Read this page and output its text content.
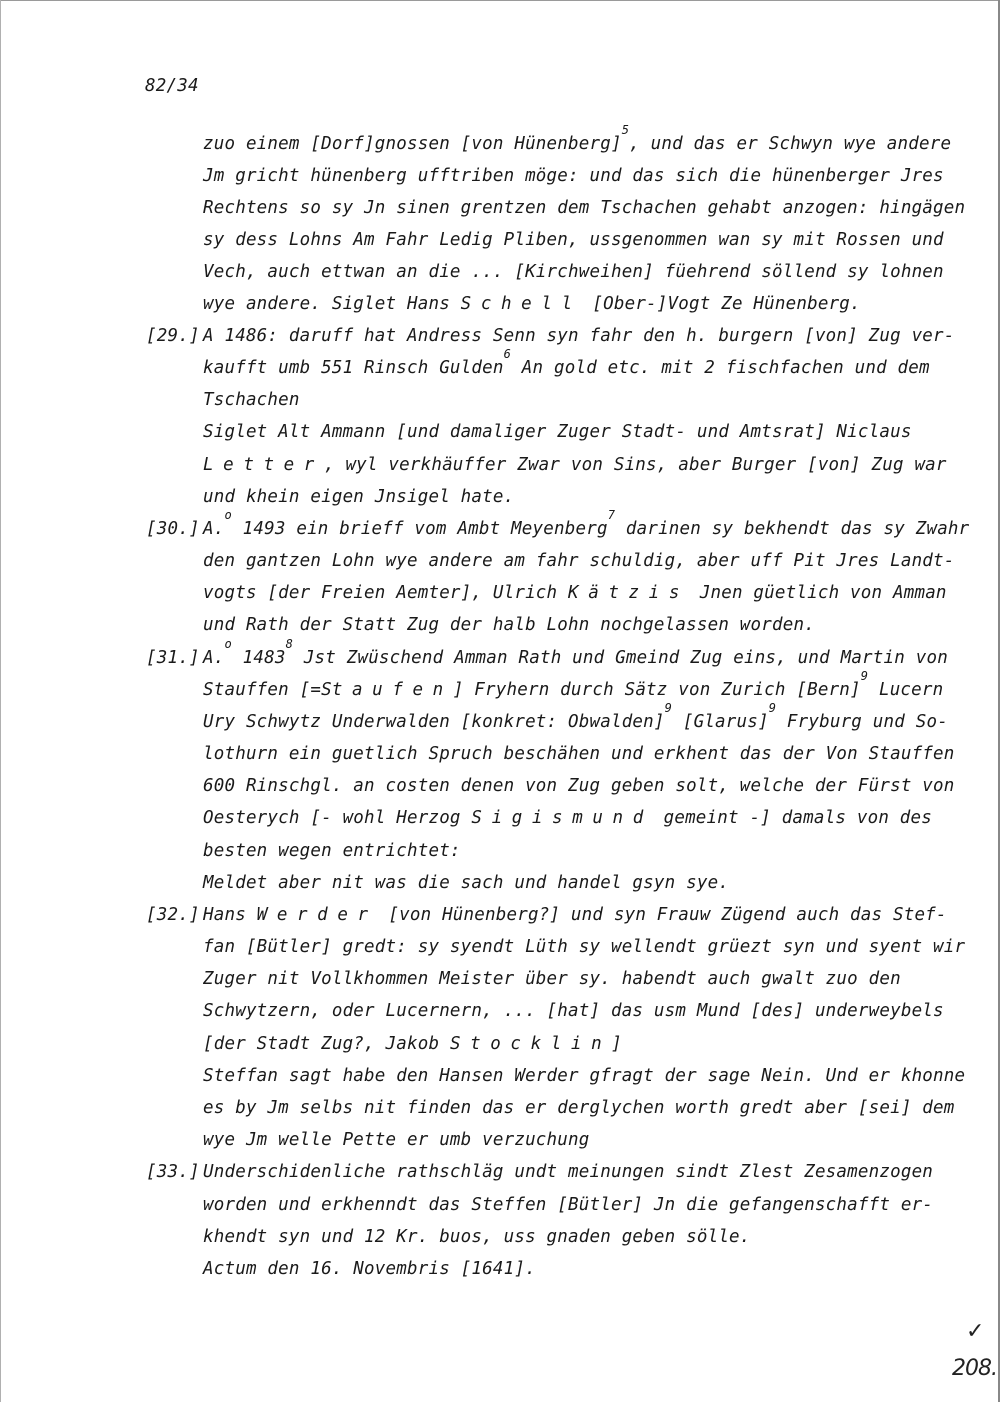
82/34
zuo einem [Dorf]gnossen [von Hünenberg]$^5$, und das er Schwyn wye andere
Jm gricht hünenberg ufftriben möge: und das sich die hünenberger Jres
Rechtens so sy Jn sinen grentzen dem Tschachen gehabt anzogen: hingägen
sy dess Lohns Am Fahr Ledig Pliben, ussgenommen wan sy mit Rossen und
Vech, auch ettwan an die ... [Kirchweihen] füehrend söllend sy lohnen
wye andere. Siglet Hans Schell [Ober-]Vogt Ze Hünenberg.
[29.] A 1486: daruff hat Andress Senn syn fahr den h. burgern [von] Zug ver-
kaufft umb 551 Rinsch Gulden$^6$ An gold etc. mit 2 fischfachen und dem
Tschachen
Siglet Alt Ammann [und damaliger Zuger Stadt- und Amtsrat] Niclaus
Letter, wyl verkhäuffer Zwar von Sins, aber Burger [von] Zug war
und khein eigen Jnsigel hate.
[30.] A.$^o$ 1493 ein brieff vom Ambt Meyenberg$^7$ darinen sy bekhendt das sy Zwahr
den gantzen Lohn wye andere am fahr schuldig, aber uff Pit Jres Landt-
vogts [der Freien Aemter], Ulrich Kätzis Jnen güetlich von Amman
und Rath der Statt Zug der halb Lohn nochgelassen worden.
[31.] A.$^o$ 1483$^8$ Jst Zwüschend Amman Rath und Gmeind Zug eins, und Martin von
Stauffen [=Staufen] Fryhern durch Sätz von Zurich [Bern]$^9$ Lucern
Ury Schwytz Underwalden [konkret: Obwalden]$^9$ [Glarus]$^9$ Fryburg und So-
lothurn ein guetlich Spruch beschähen und erkhent das der Von Stauffen
600 Rinschgl. an costen denen von Zug geben solt, welche der Fürst von
Oesterych [- wohl Herzog Sigismund gemeint -] damals von des
besten wegen entrichtet:
Meldet aber nit was die sach und handel gsyn sye.
[32.] Hans Werder [von Hünenberg?] und syn Frauw Zügend auch das Stef-
fan [Bütler] gredt: sy syendt Lüth sy wellendt grüezt syn und syent wir
Zuger nit Vollkhommen Meister über sy. habendt auch gwalt zuo den
Schwytzern, oder Lucernern, ... [hat] das usm Mund [des] underweybels
[der Stadt Zug?, Jakob Stocklin]
Steffan sagt habe den Hansen Werder gfragt der sage Nein. Und er khonne
es by Jm selbs nit finden das er derglychen worth gredt aber [sei] dem
wye Jm welle Pette er umb verzuchung
[33.] Underschidenliche rathschläg undt meinungen sindt Zlest Zesamenzogen
worden und erkhenndt das Steffen [Bütler] Jn die gefangenschafft er-
khendt syn und 12 Kr. buos, uss gnaden geben sölle.
Actum den 16. Novembris [1641].
✓
208.
